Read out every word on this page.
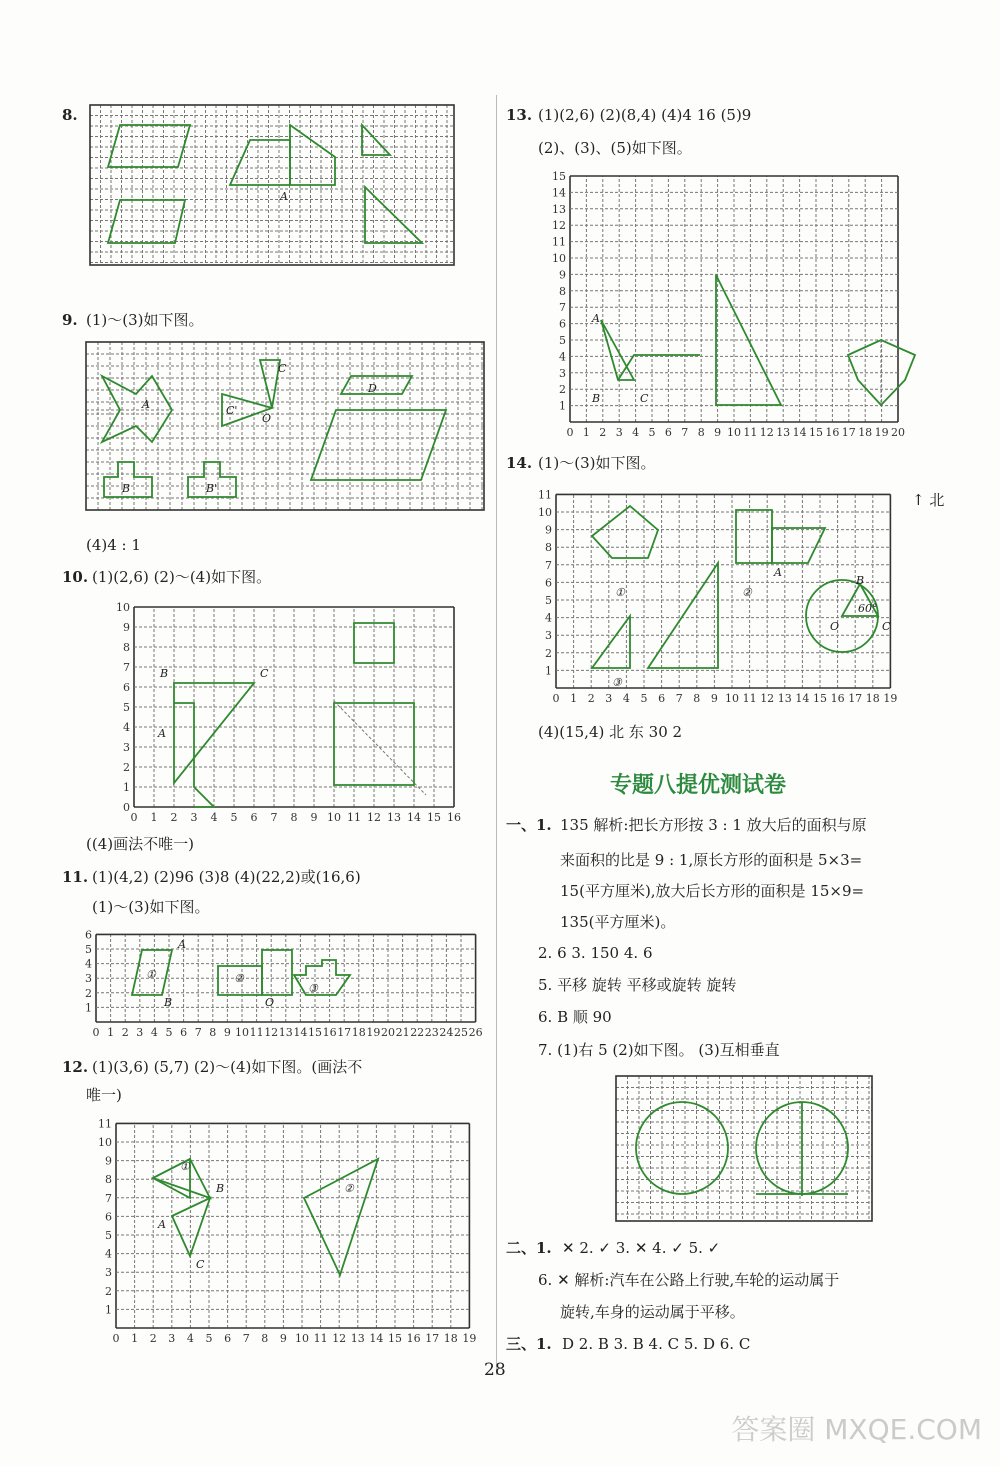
8.
A
9. (1)～(3)如下图。
A
B
C
C'
O
D
B'
(4)4 : 1
10. (1)(2,6) (2)～(4)如下图。
0 1 2 3 4 5 6 7 8 9 10 11 12 13 14 15 16
0
1
2
3
4
5
6
7
8
9
10
B
A
C
((4)画法不唯一)
11. (1)(4,2) (2)96 (3)8 (4)(22,2)或(16,6)
(1)～(3)如下图。
0 1 2 3 4 5 6 7 8 9 10 11 12 13 14 15 16 17 18 19 20 21 22 23 24 25 26
1
2
3
4
5
6
①	②
③
A
B	O
12. (1)(3,6) (5,7) (2)～(4)如下图。(画法不
唯一)
0 1 2 3 4 5 6 7 8 9 10 11 12 13 14 15 16 17 18 19
1
2
3
4
5
6
7
8
9
10
11
①
B
A
C
②
13. (1)(2,6) (2)(8,4) (4)4 16 (5)9
(2)、(3)、(5)如下图。
0 1 2 3 4 5 6 7 8 9 10 11 12 13 14 15 16 17 18 19 20
1
2
3
4
5
6
7
8
9
10
11
12
13
14
15
A
B	C
14. (1)～(3)如下图。
↑ 北
0 1 2 3 4 5 6 7 8 9 10 11 12 13 14 15 16 17 18 19
1
2
3
4
5
6
7
8
9
10
11
①	②
③
A
B
O	C
60°
(4)(15,4) 北 东 30 2
专题八提优测试卷
一、1. 135 解析:把长方形按 3 : 1 放大后的面积与原
来面积的比是 9 : 1,原长方形的面积是 5×3=
15(平方厘米),放大后长方形的面积是 15×9=
135(平方厘米)。
2. 6 3. 150 4. 6
5. 平移 旋转 平移或旋转 旋转
6. B 顺 90
7. (1)右 5 (2)如下图。 (3)互相垂直
二、1. ✕ 2. ✓ 3. ✕ 4. ✓ 5. ✓
6. ✕ 解析:汽车在公路上行驶,车轮的运动属于
旋转,车身的运动属于平移。
三、1. D 2. B 3. B 4. C 5. D 6. C
28
答案圈 MXQE.COM
